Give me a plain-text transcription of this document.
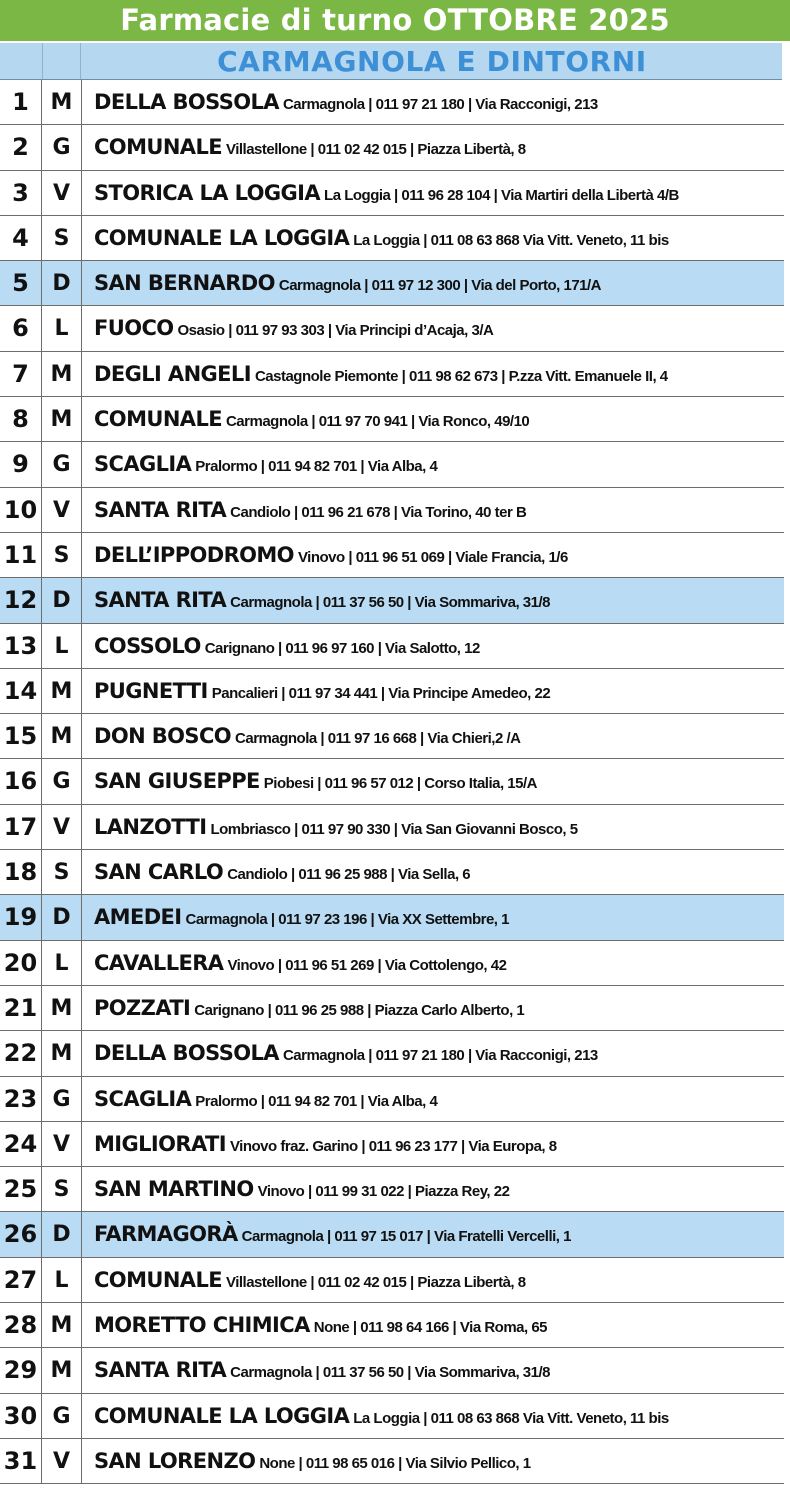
Farmacie di turno OTTOBRE 2025
CARMAGNOLA E DINTORNI
1 M	DELLA BOSSOLA Carmagnola | 011 97 21 180 | Via Racconigi, 213
2	G	COMUNALE Villastellone | 011 02 42 015 | Piazza Libertà, 8
3	V	STORICA LA LOGGIA La Loggia | 011 96 28 104 | Via Martiri della Libertà 4/B
4	S	COMUNALE LA LOGGIA La Loggia | 011 08 63 868 Via Vitt. Veneto, 11 bis
5	D	SAN BERNARDO Carmagnola | 011 97 12 300 | Via del Porto, 171/A
6	L	FUOCO Osasio | 011 97 93 303 | Via Principi d’Acaja, 3/A
7 M	DEGLI ANGELI Castagnole Piemonte | 011 98 62 673 | P.zza Vitt. Emanuele II, 4
8 M	COMUNALE Carmagnola | 011 97 70 941 | Via Ronco, 49/10
9	G	SCAGLIA Pralormo | 011 94 82 701 | Via Alba, 4
10 V	SANTA RITA Candiolo | 011 96 21 678 | Via Torino, 40 ter B
11 S	DELL’IPPODROMO Vinovo | 011 96 51 069 | Viale Francia, 1/6
12 D	SANTA RITA Carmagnola | 011 37 56 50 | Via Sommariva, 31/8
13 L	COSSOLO Carignano | 011 96 97 160 | Via Salotto, 12
14 M	PUGNETTI Pancalieri | 011 97 34 441 | Via Principe Amedeo, 22
15 M	DON BOSCO Carmagnola | 011 97 16 668 | Via Chieri,2 /A
16 G	SAN GIUSEPPE Piobesi | 011 96 57 012 | Corso Italia, 15/A
17 V	LANZOTTI Lombriasco | 011 97 90 330 | Via San Giovanni Bosco, 5
18 S	SAN CARLO Candiolo | 011 96 25 988 | Via Sella, 6
19 D	AMEDEI Carmagnola | 011 97 23 196 | Via XX Settembre, 1
20 L	CAVALLERA Vinovo | 011 96 51 269 | Via Cottolengo, 42
21 M	POZZATI Carignano | 011 96 25 988 | Piazza Carlo Alberto, 1
22 M	DELLA BOSSOLA Carmagnola | 011 97 21 180 | Via Racconigi, 213
23 G	SCAGLIA Pralormo | 011 94 82 701 | Via Alba, 4
24 V	MIGLIORATI Vinovo fraz. Garino | 011 96 23 177 | Via Europa, 8
25 S	SAN MARTINO Vinovo | 011 99 31 022 | Piazza Rey, 22
26 D	FARMAGORÀ Carmagnola | 011 97 15 017 | Via Fratelli Vercelli, 1
27 L	COMUNALE Villastellone | 011 02 42 015 | Piazza Libertà, 8
28 M	MORETTO CHIMICA None | 011 98 64 166 | Via Roma, 65
29 M	SANTA RITA Carmagnola | 011 37 56 50 | Via Sommariva, 31/8
30 G	COMUNALE LA LOGGIA La Loggia | 011 08 63 868 Via Vitt. Veneto, 11 bis
31 V	SAN LORENZO None | 011 98 65 016 | Via Silvio Pellico, 1
